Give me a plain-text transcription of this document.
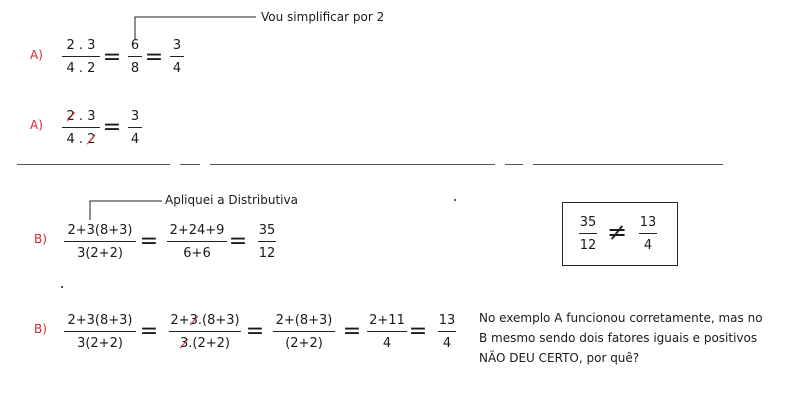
A)
2 . 3
4 . 2 = 6
8 = 3
4
Vou simplificar por 2
A)
2 . 3
4 . 2 = 3
4
Apliquei a Distributiva
B)
2+3(8+3)
3(2+2) = 2+24+9
6+6 = 35
12
35
12 ≠ 13
4
B)
2+3(8+3)
3(2+2) = 2+3.(8+3)
3.(2+2) = 2+(8+3)
(2+2) = 2+11
4 = 13
4
No exemplo A funcionou corretamente, mas no
B mesmo sendo dois fatores iguais e positivos
NÃO DEU CERTO, por quê?
